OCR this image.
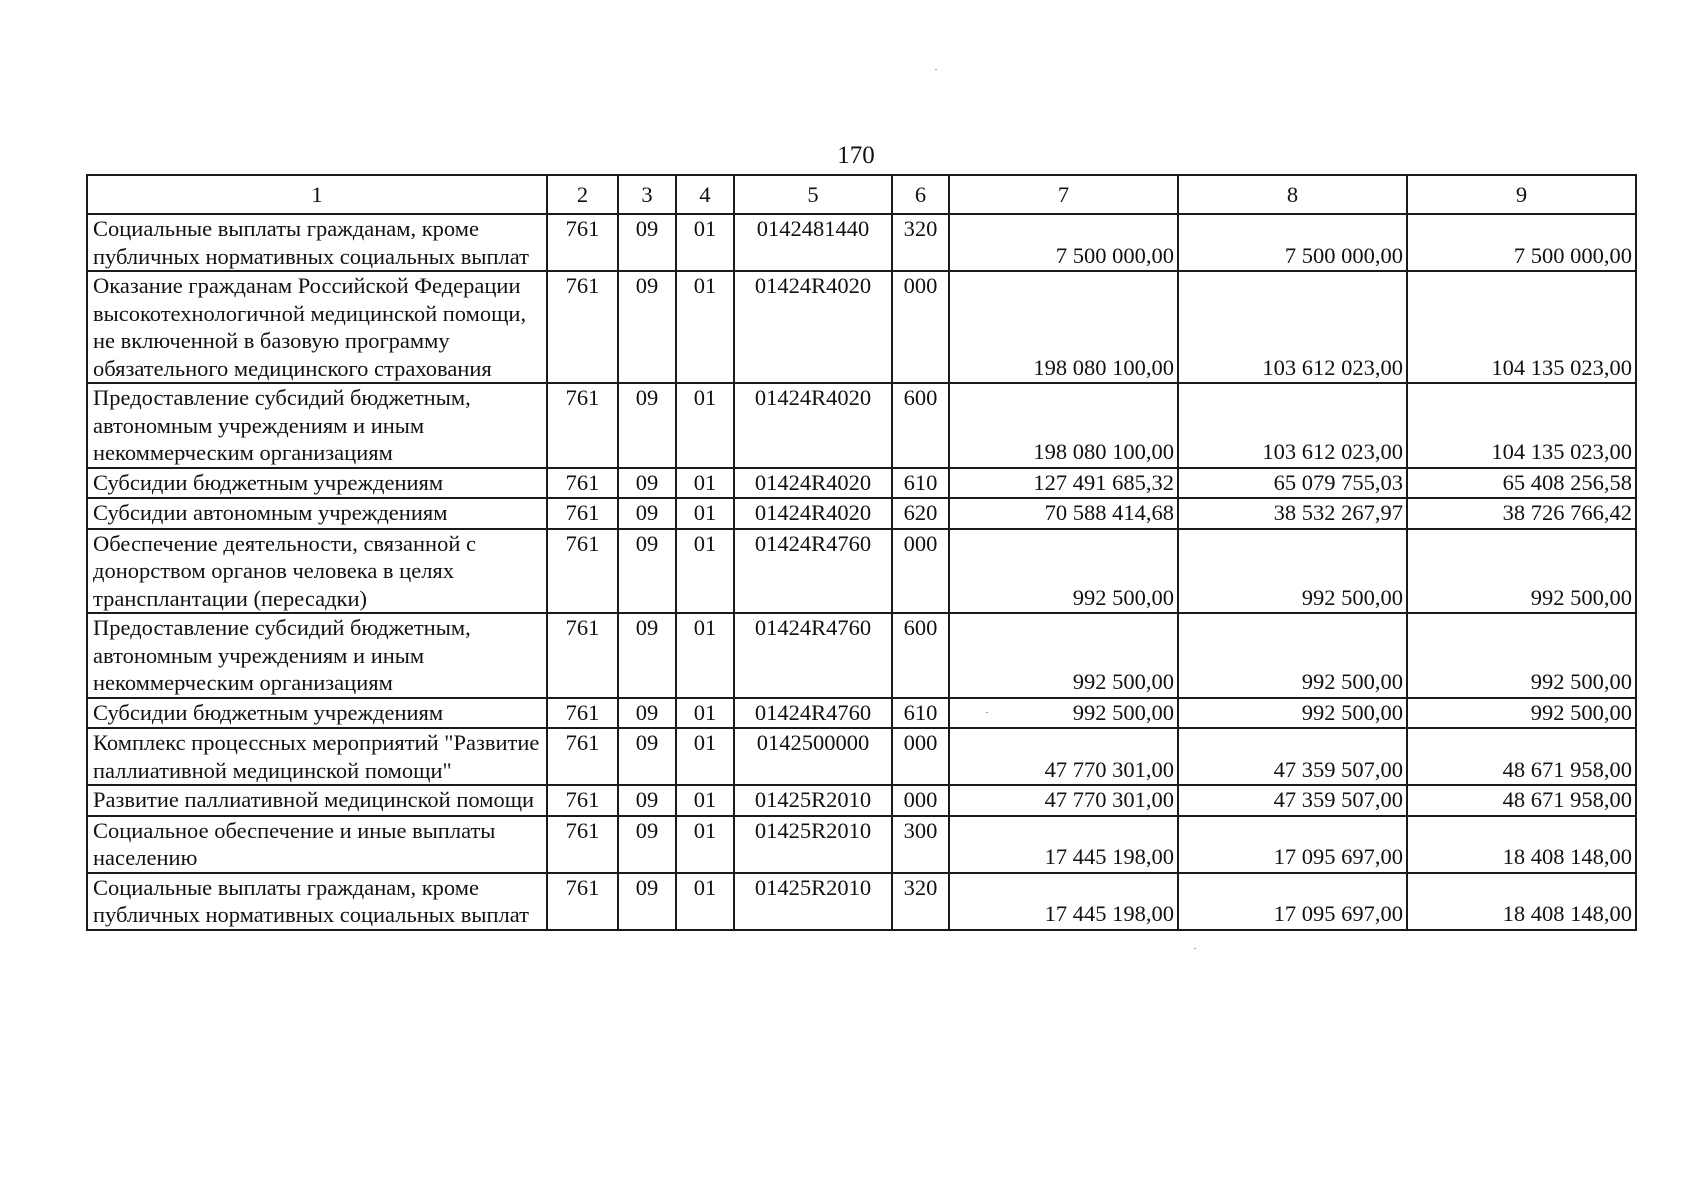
170
1	2	3	4	5	6	7	8	9
Социальные выплаты гражданам, кроме публичных нормативных социальных выплат	761	09	01	0142481440	320	7 500 000,00	7 500 000,00	7 500 000,00
Оказание гражданам Российской Федерации высокотехнологичной медицинской помощи, не включенной в базовую программу обязательного медицинского страхования	761	09	01	01424R4020	000	198 080 100,00	103 612 023,00	104 135 023,00
Предоставление субсидий бюджетным, автономным учреждениям и иным некоммерческим организациям	761	09	01	01424R4020	600	198 080 100,00	103 612 023,00	104 135 023,00
Субсидии бюджетным учреждениям	761	09	01	01424R4020	610	127 491 685,32	65 079 755,03	65 408 256,58
Субсидии автономным учреждениям	761	09	01	01424R4020	620	70 588 414,68	38 532 267,97	38 726 766,42
Обеспечение деятельности, связанной с донорством органов человека в целях трансплантации (пересадки)	761	09	01	01424R4760	000	992 500,00	992 500,00	992 500,00
Предоставление субсидий бюджетным, автономным учреждениям и иным некоммерческим организациям	761	09	01	01424R4760	600	992 500,00	992 500,00	992 500,00
Субсидии бюджетным учреждениям	761	09	01	01424R4760	610	992 500,00	992 500,00	992 500,00
Комплекс процессных мероприятий "Развитие паллиативной медицинской помощи"	761	09	01	0142500000	000	47 770 301,00	47 359 507,00	48 671 958,00
Развитие паллиативной медицинской помощи	761	09	01	01425R2010	000	47 770 301,00	47 359 507,00	48 671 958,00
Социальное обеспечение и иные выплаты населению	761	09	01	01425R2010	300	17 445 198,00	17 095 697,00	18 408 148,00
Социальные выплаты гражданам, кроме публичных нормативных социальных выплат	761	09	01	01425R2010	320	17 445 198,00	17 095 697,00	18 408 148,00
